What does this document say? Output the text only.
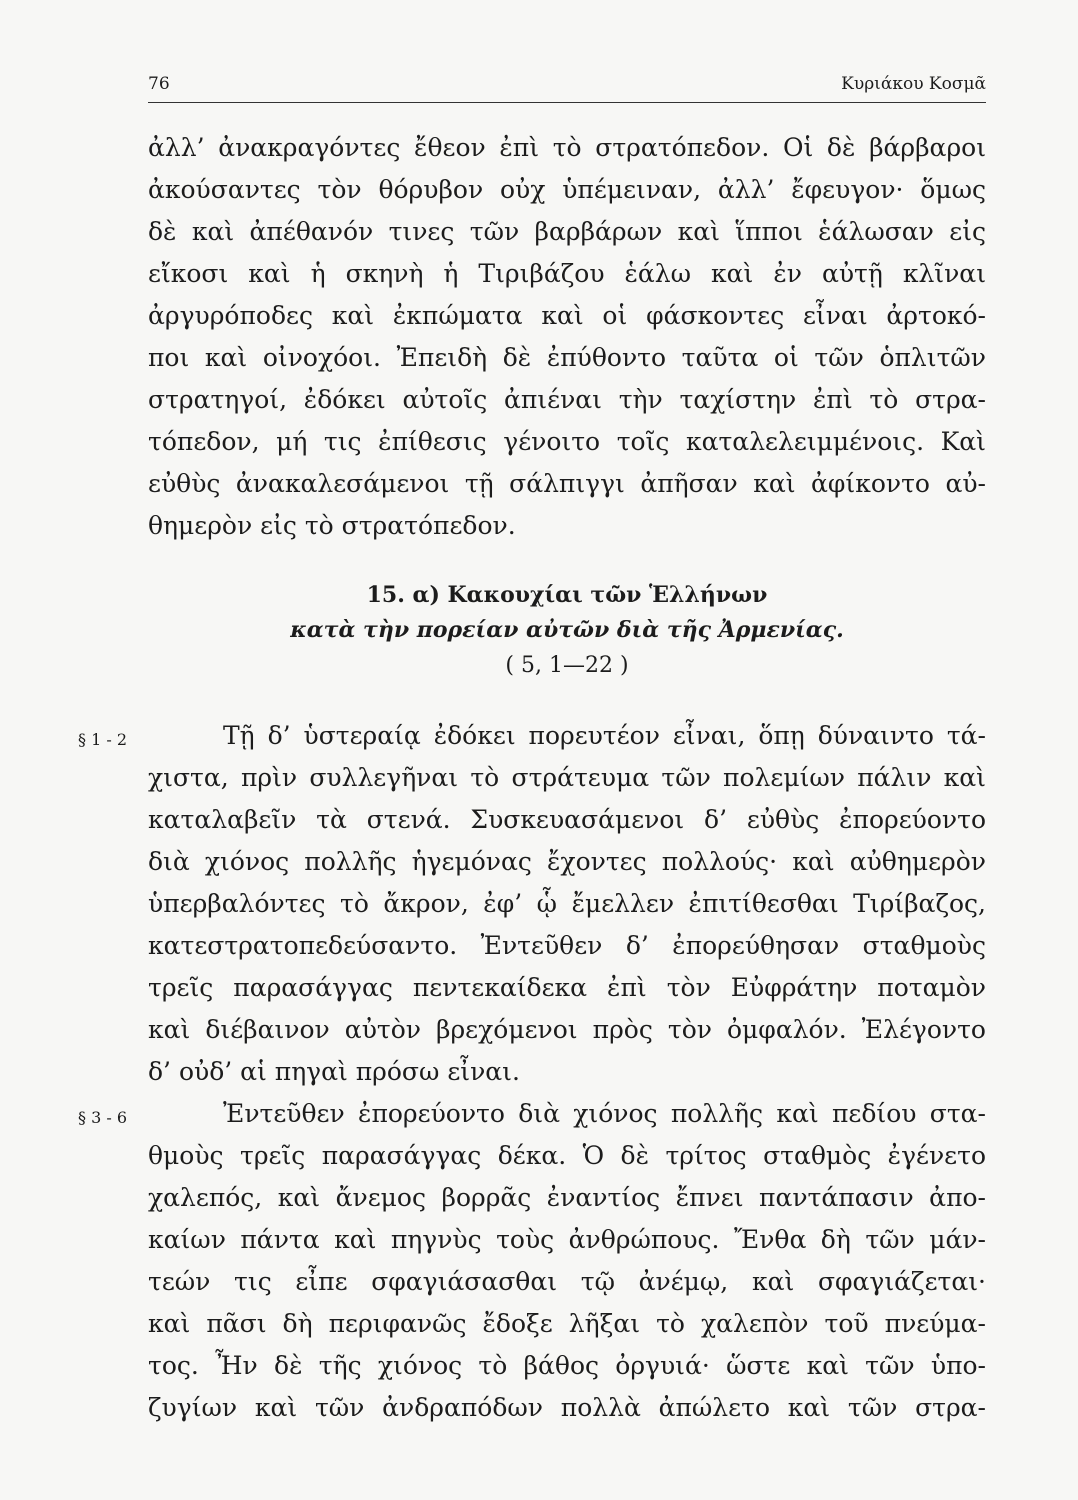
76	Κυριάκου Κοσμᾶ
ἀλλ’ ἀνακραγόντες ἔθεον ἐπὶ τὸ στρατόπεδον. Οἱ δὲ βάρβαροι
ἀκούσαντες τὸν θόρυβον οὐχ ὑπέμειναν, ἀλλ’ ἔφευγον· ὅμως
δὲ καὶ ἀπέθανόν τινες τῶν βαρβάρων καὶ ἵπποι ἑάλωσαν εἰς
εἴκοσι καὶ ἡ σκηνὴ ἡ Τιριβάζου ἑάλω καὶ ἐν αὐτῇ κλῖναι
ἀργυρόποδες καὶ ἐκπώματα καὶ οἱ φάσκοντες εἶναι ἀρτοκό-
ποι καὶ οἰνοχόοι. Ἐπειδὴ δὲ ἐπύθοντο ταῦτα οἱ τῶν ὁπλιτῶν
στρατηγοί, ἐδόκει αὐτοῖς ἀπιέναι τὴν ταχίστην ἐπὶ τὸ στρα-
τόπεδον, μή τις ἐπίθεσις γένοιτο τοῖς καταλελειμμένοις. Καὶ
εὐθὺς ἀνακαλεσάμενοι τῇ σάλπιγγι ἀπῆσαν καὶ ἀφίκοντο αὐ-
θημερὸν εἰς τὸ στρατόπεδον.
15. α) Κακουχίαι τῶν Ἑλλήνων
κατὰ τὴν πορείαν αὐτῶν διὰ τῆς Ἀρμενίας.
( 5, 1—22 )
§ 1 - 2	Τῇ δ’ ὑστεραίᾳ ἐδόκει πορευτέον εἶναι, ὅπῃ δύναιντο τά-
χιστα, πρὶν συλλεγῆναι τὸ στράτευμα τῶν πολεμίων πάλιν καὶ
καταλαβεῖν τὰ στενά. Συσκευασάμενοι δ’ εὐθὺς ἐπορεύοντο
διὰ χιόνος πολλῆς ἡγεμόνας ἔχοντες πολλούς· καὶ αὐθημερὸν
ὑπερβαλόντες τὸ ἄκρον, ἐφ’ ᾧ ἔμελλεν ἐπιτίθεσθαι Τιρίβαζος,
κατεστρατοπεδεύσαντο. Ἐντεῦθεν δ’ ἐπορεύθησαν σταθμοὺς
τρεῖς παρασάγγας πεντεκαίδεκα ἐπὶ τὸν Εὐφράτην ποταμὸν
καὶ διέβαινον αὐτὸν βρεχόμενοι πρὸς τὸν ὀμφαλόν. Ἐλέγοντο
δ’ οὐδ’ αἱ πηγαὶ πρόσω εἶναι.
§ 3 - 6	Ἐντεῦθεν ἐπορεύοντο διὰ χιόνος πολλῆς καὶ πεδίου στα-
θμοὺς τρεῖς παρασάγγας δέκα. Ὁ δὲ τρίτος σταθμὸς ἐγένετο
χαλεπός, καὶ ἄνεμος βορρᾶς ἐναντίος ἔπνει παντάπασιν ἀπο-
καίων πάντα καὶ πηγνὺς τοὺς ἀνθρώπους. Ἔνθα δὴ τῶν μάν-
τεών τις εἶπε σφαγιάσασθαι τῷ ἀνέμῳ, καὶ σφαγιάζεται·
καὶ πᾶσι δὴ περιφανῶς ἔδοξε λῆξαι τὸ χαλεπὸν τοῦ πνεύμα-
τος. Ἦν δὲ τῆς χιόνος τὸ βάθος ὀργυιά· ὥστε καὶ τῶν ὑπο-
ζυγίων καὶ τῶν ἀνδραπόδων πολλὰ ἀπώλετο καὶ τῶν στρα-
